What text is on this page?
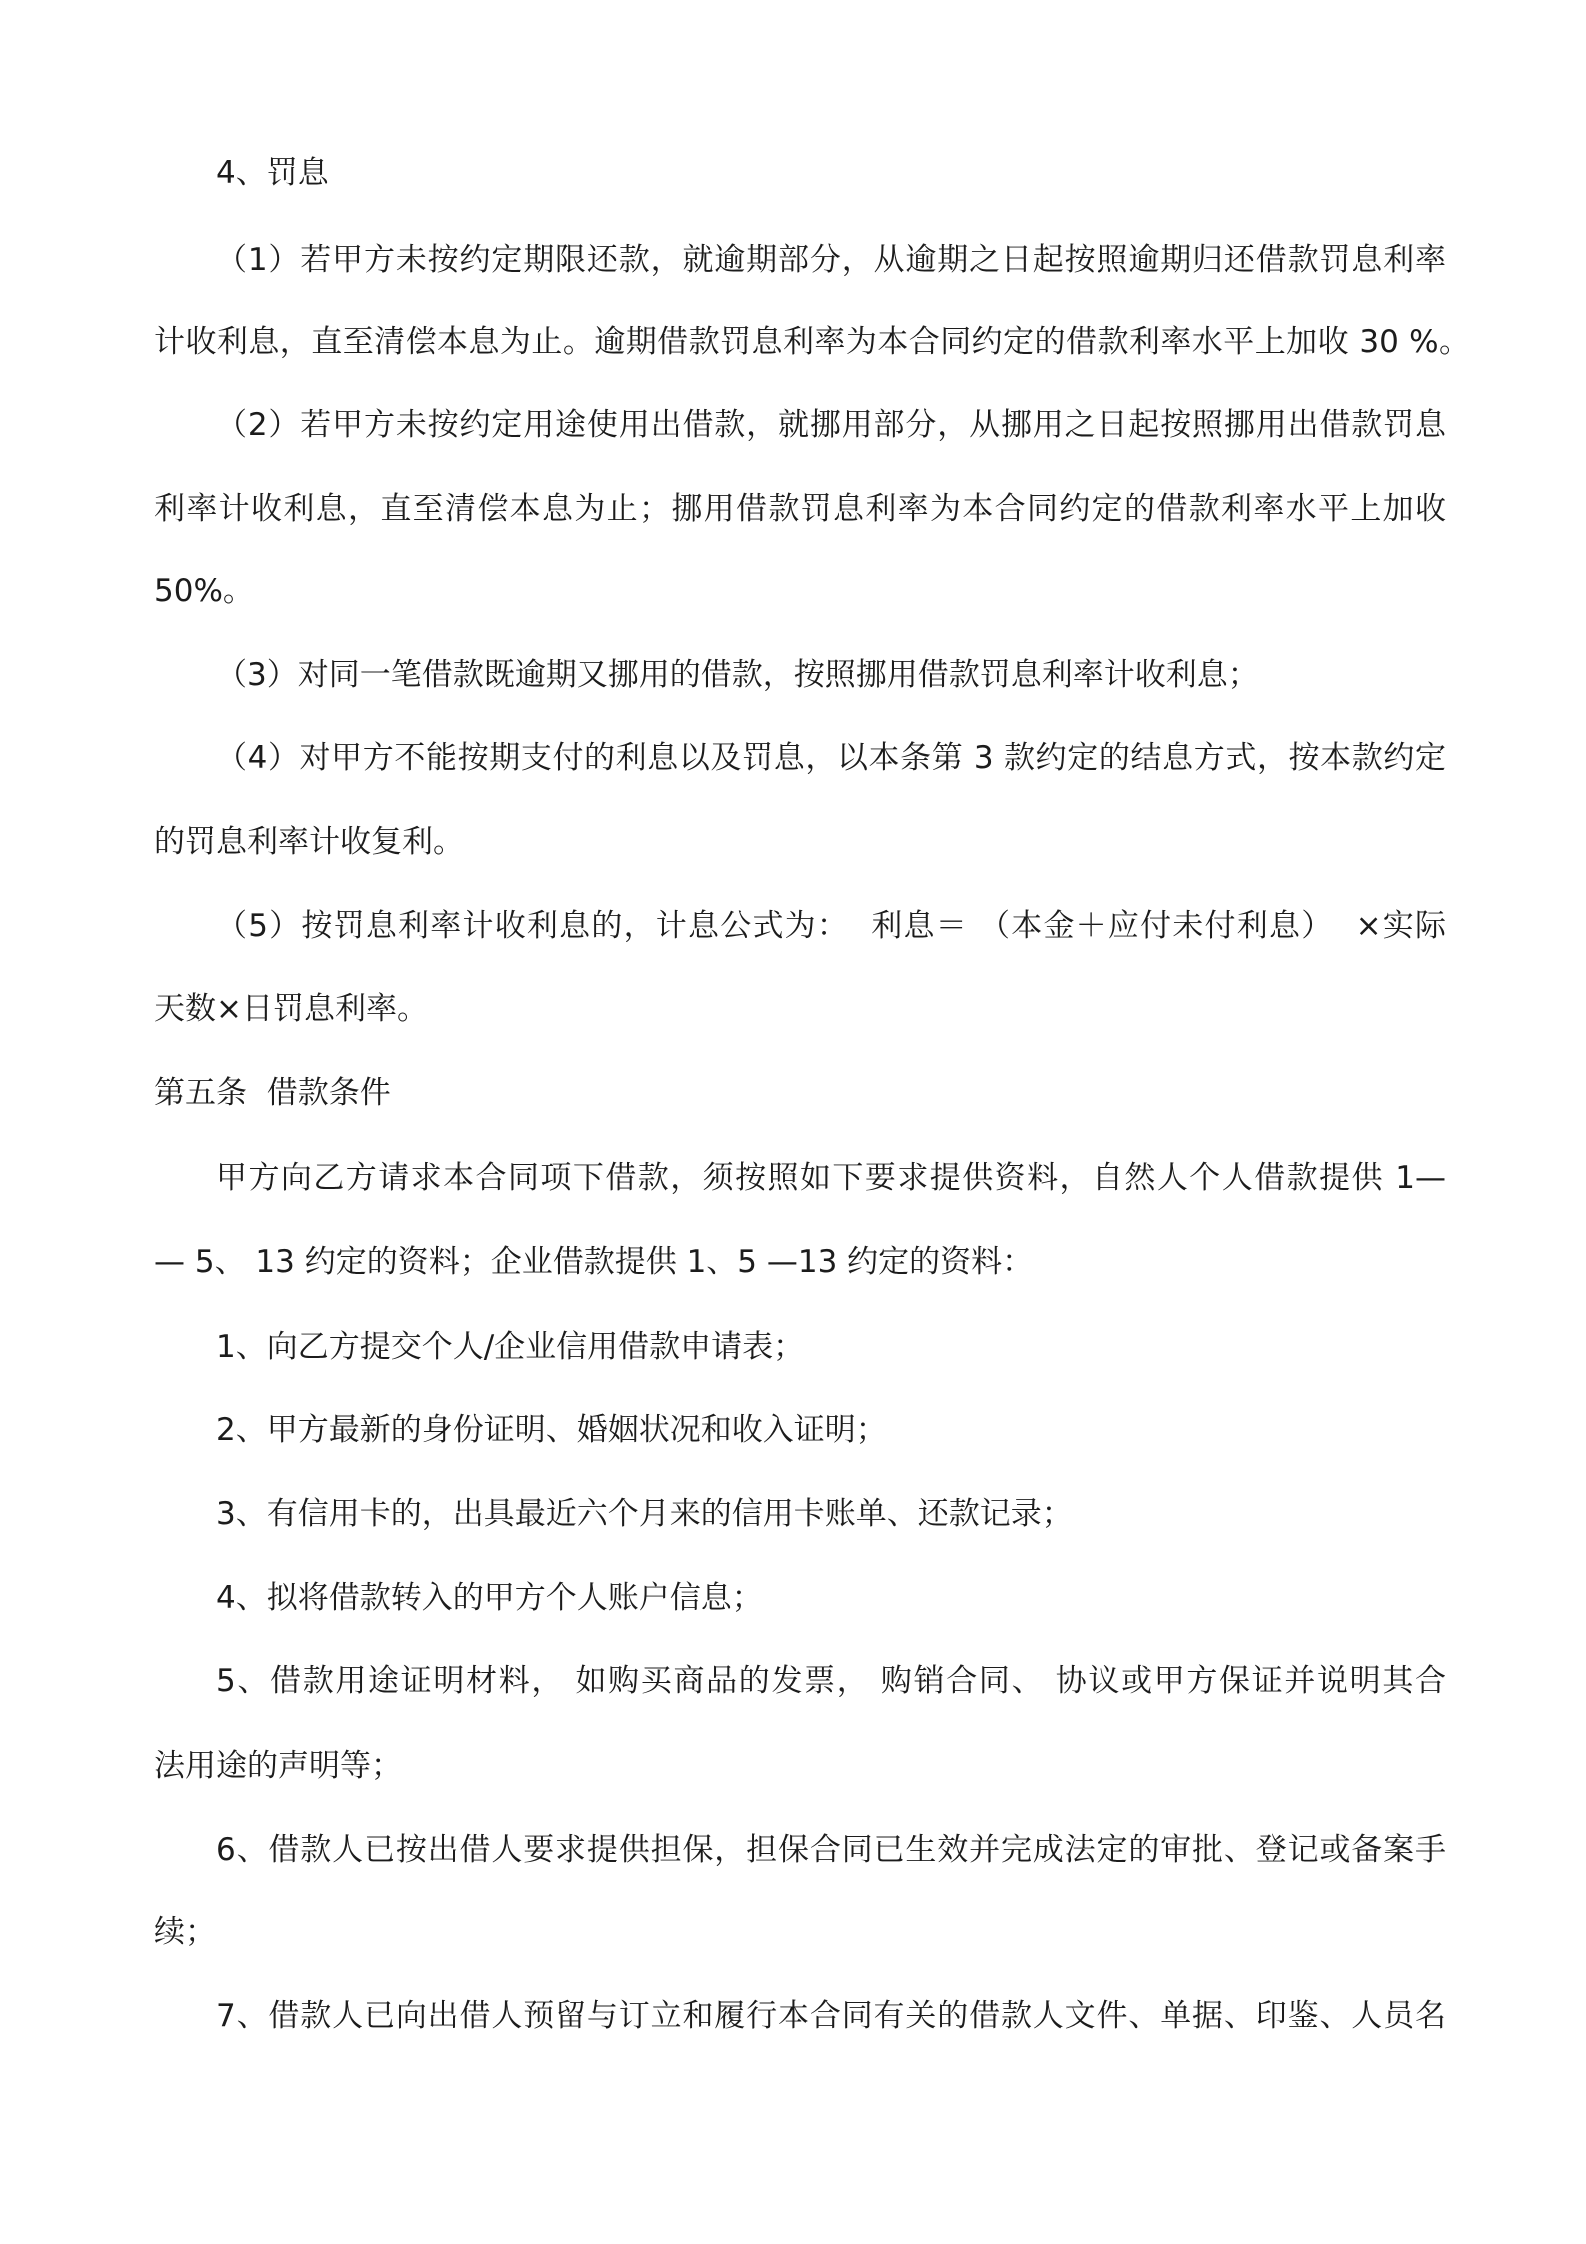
4、罚息
（1）若甲方未按约定期限还款，就逾期部分，从逾期之日起按照逾期归还借款罚息利率
计收利息，直至清偿本息为止。逾期借款罚息利率为本合同约定的借款利率水平上加收 30 %。
（2）若甲方未按约定用途使用出借款，就挪用部分，从挪用之日起按照挪用出借款罚息
利率计收利息，直至清偿本息为止；挪用借款罚息利率为本合同约定的借款利率水平上加收
50%。
（3）对同一笔借款既逾期又挪用的借款，按照挪用借款罚息利率计收利息；
（4）对甲方不能按期支付的利息以及罚息，以本条第 3 款约定的结息方式，按本款约定
的罚息利率计收复利。
（5）按罚息利率计收利息的，计息公式为：  利息＝ （本金＋应付未付利息）  ×实际
天数×日罚息利率。
第五条  借款条件
甲方向乙方请求本合同项下借款，须按照如下要求提供资料，自然人个人借款提供 1—
— 5、 13 约定的资料；企业借款提供 1、5 —13 约定的资料：
1、向乙方提交个人/企业信用借款申请表；
2、甲方最新的身份证明、婚姻状况和收入证明；
3、有信用卡的，出具最近六个月来的信用卡账单、还款记录；
4、拟将借款转入的甲方个人账户信息；
5、借款用途证明材料， 如购买商品的发票， 购销合同、 协议或甲方保证并说明其合
法用途的声明等；
6、借款人已按出借人要求提供担保，担保合同已生效并完成法定的审批、登记或备案手
续；
7、借款人已向出借人预留与订立和履行本合同有关的借款人文件、单据、印鉴、人员名
